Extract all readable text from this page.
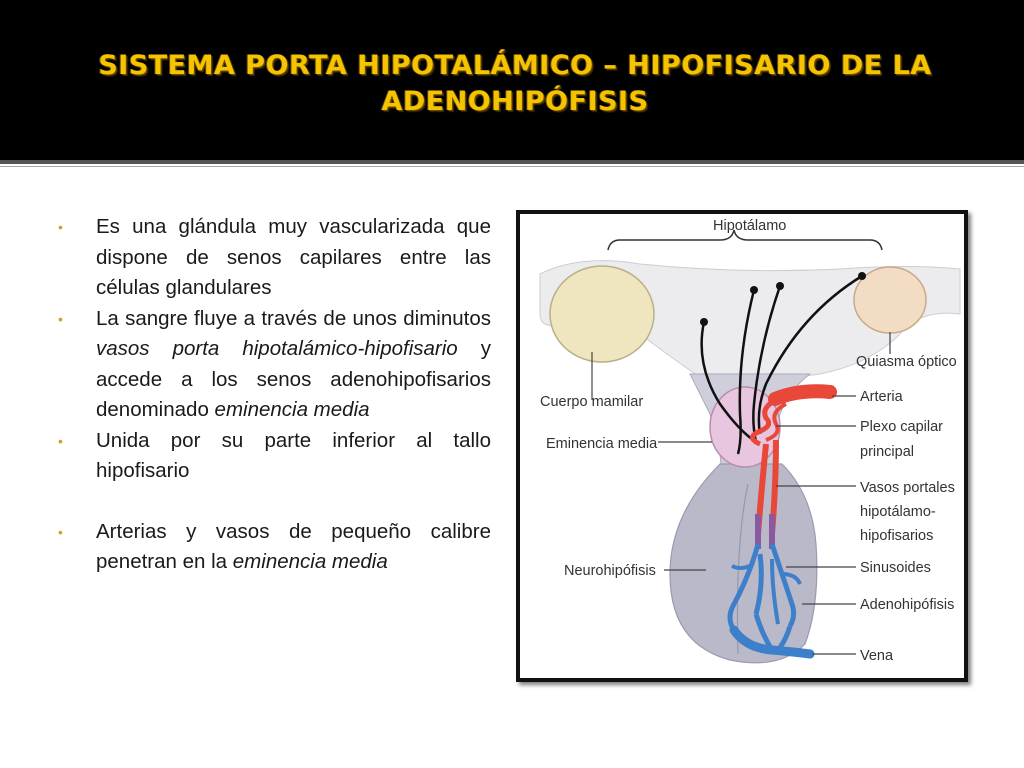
SISTEMA PORTA HIPOTALÁMICO – HIPOFISARIO DE LA
ADENOHIPÓFISIS
• Es una glándula muy vascularizada que dispone de senos capilares entre las células glandulares
• La sangre fluye a través de unos diminutos vasos porta hipotalámico-hipofisario y accede a los senos adenohipofisarios denominado eminencia media
• Unida por su parte inferior al tallo hipofisario
• Arterias y vasos de pequeño calibre penetran en la eminencia media
Hipotálamo
Quiasma óptico
Cuerpo mamilar	Arteria
Plexo capilar
principal
Eminencia media
Vasos portales
hipotálamo-
hipofisarios
Sinusoides
Neurohipófisis
Adenohipófisis
Vena
